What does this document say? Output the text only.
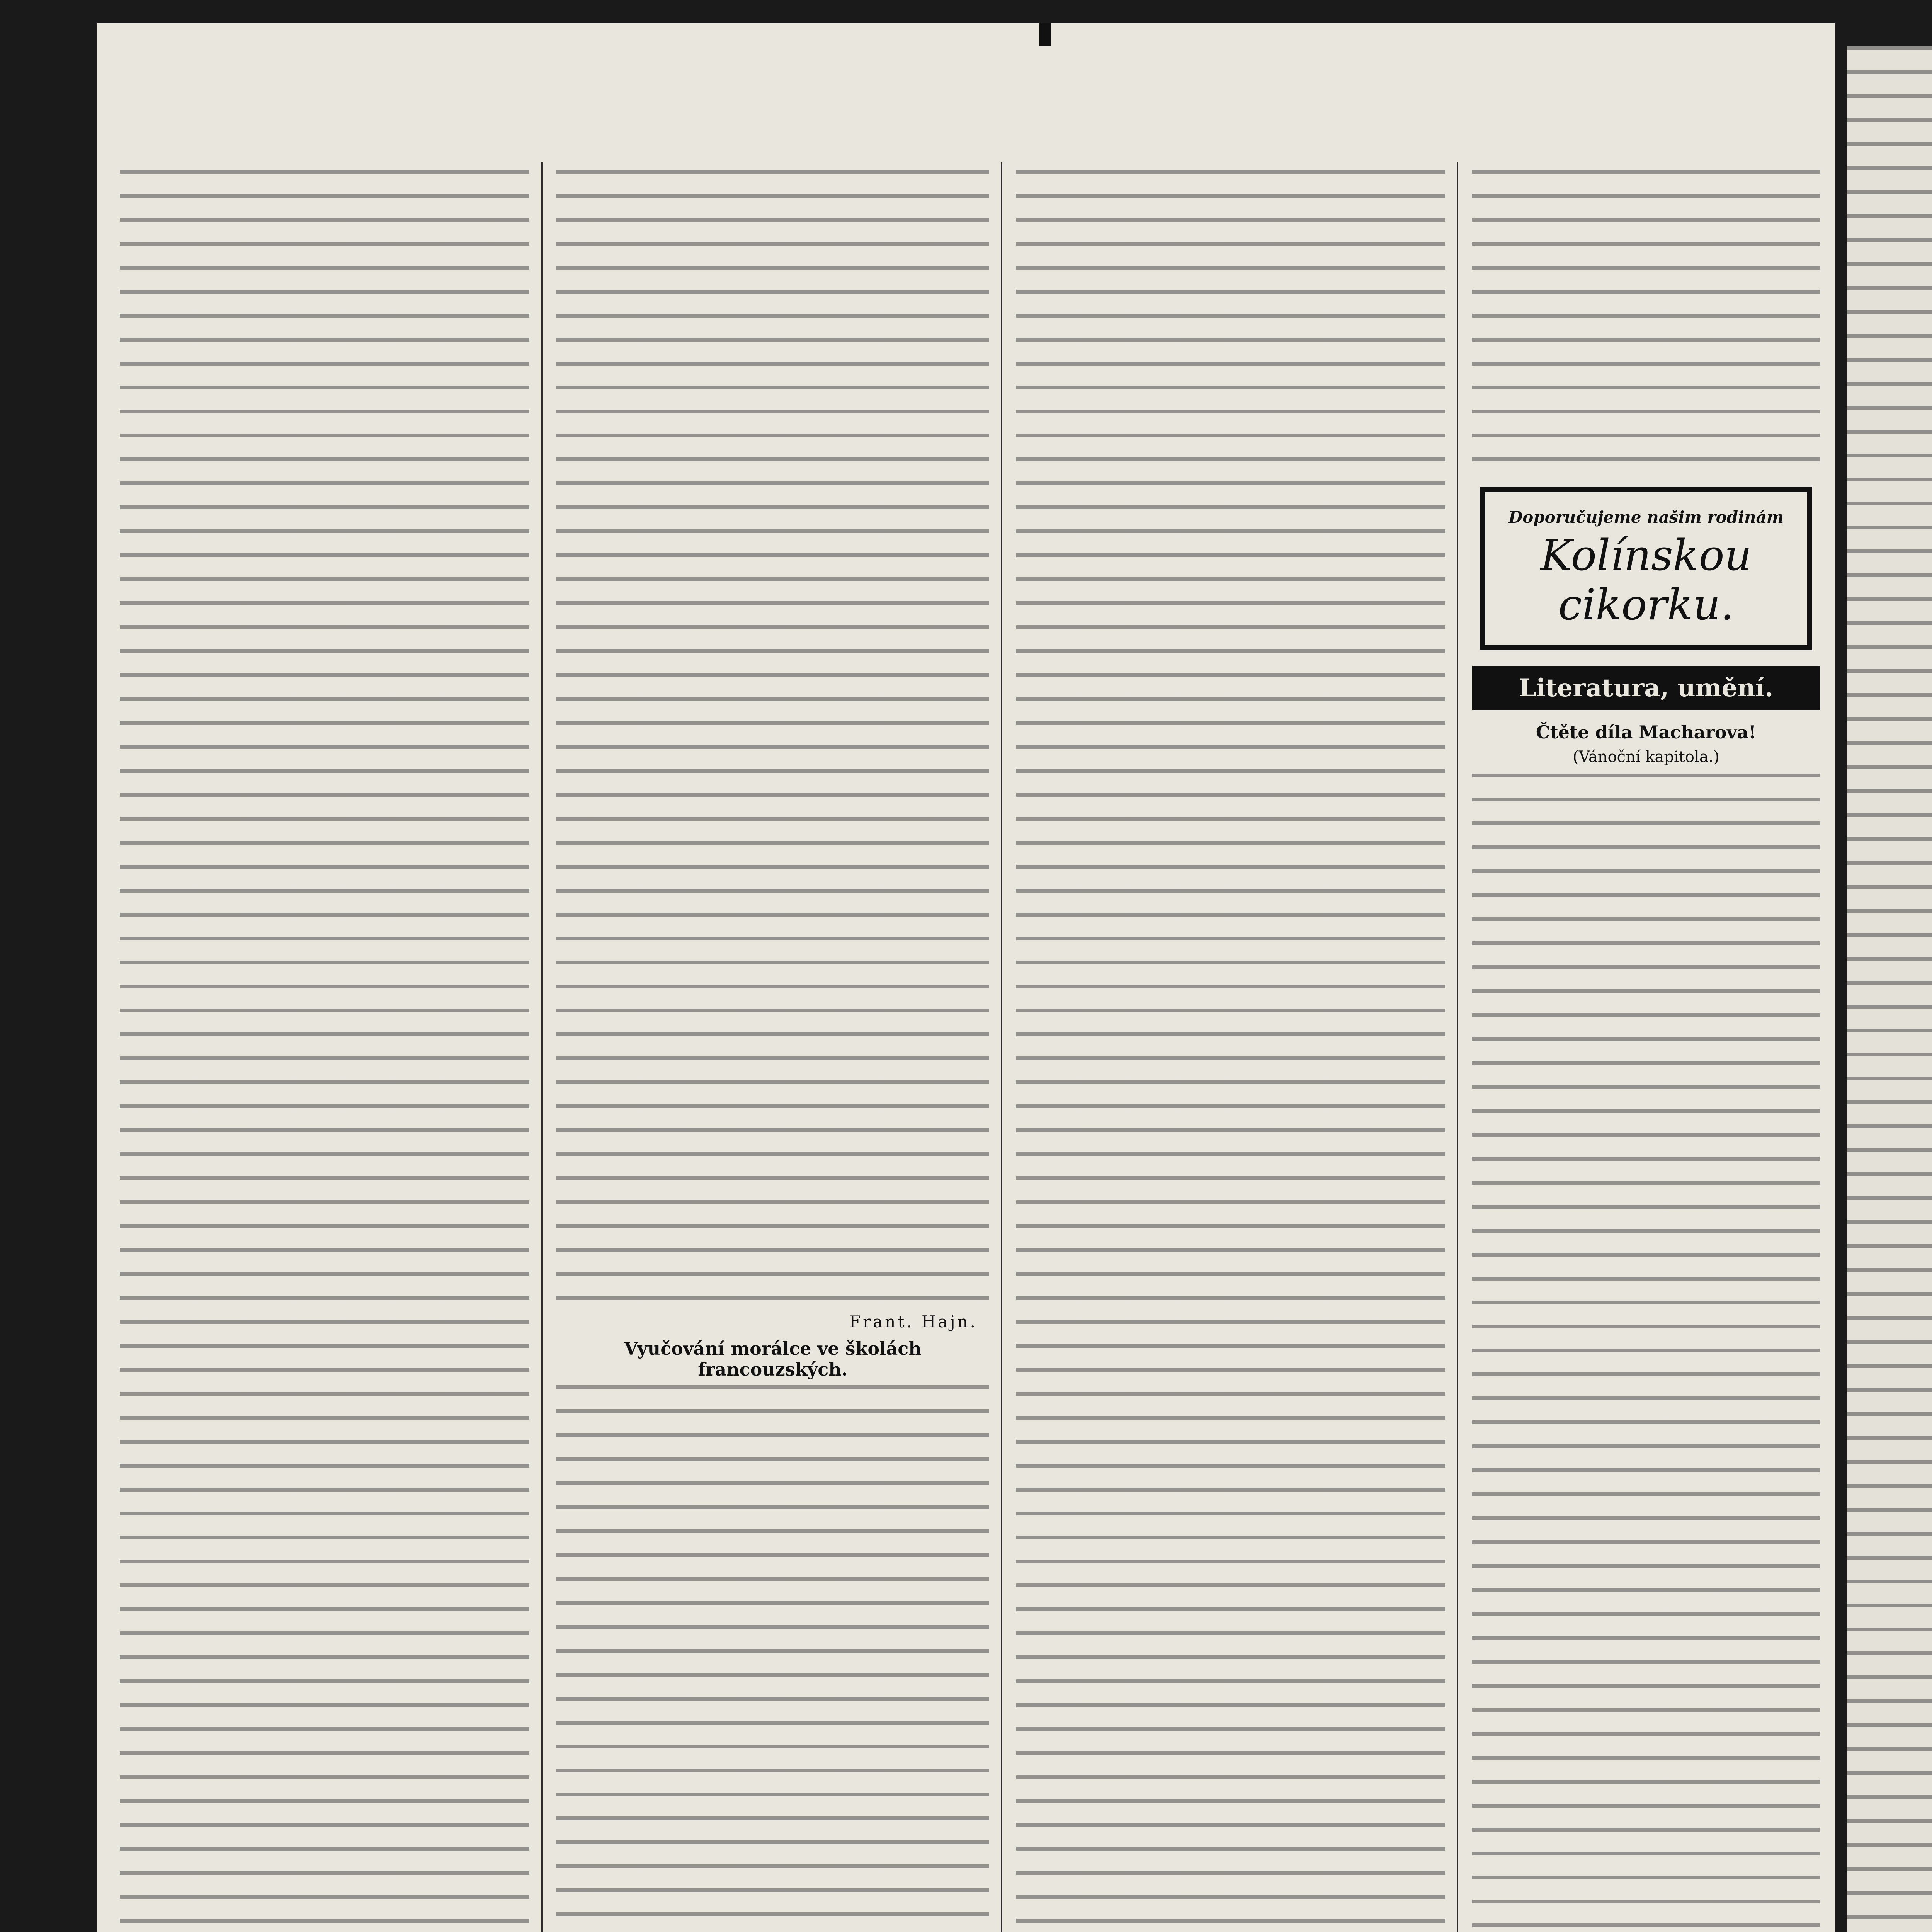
Frant. Hajn.
Vyučování morálce ve školách francouzských.
Doporučujeme našim rodinám
Kolínskou cikorku.
Literatura, umění.
Čtěte díla Macharova!
(Vánoční kapitola.)
